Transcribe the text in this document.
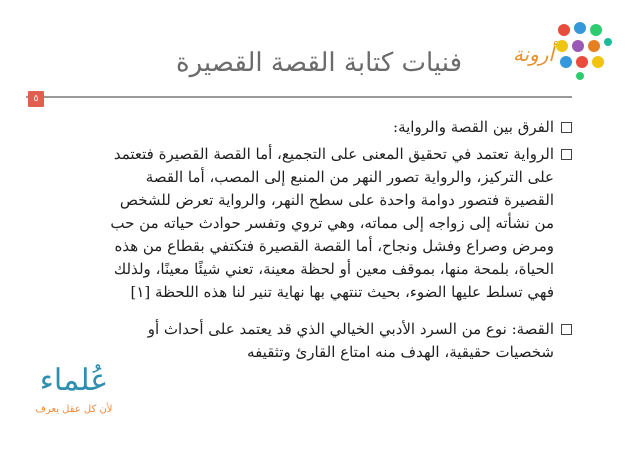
أرونة
فنيات كتابة القصة القصيرة
٥

الفرق بين القصة والرواية:

الرواية تعتمد في تحقيق المعنى على التجميع، أما القصة القصيرة فتعتمد على التركيز، والرواية تصور النهر من المنبع إلى المصب، أما القصة القصيرة فتصور دوامة واحدة على سطح النهر، والرواية تعرض للشخص من نشأته إلى زواجه إلى مماته، وهي تروي وتفسر حوادث حياته من حب ومرض وصراع وفشل ونجاح، أما القصة القصيرة فتكتفي بقطاع من هذه الحياة، بلمحة منها، بموقف معين أو لحظة معينة، تعني شيئًا معينًا، ولذلك فهي تسلط عليها الضوء، بحيث تنتهي بها نهاية تنير لنا هذه اللحظة [١]

القصة: نوع من السرد الأدبي الخيالي الذي قد يعتمد على أحداث أو شخصيات حقيقية، الهدف منه امتاع القارئ وتثقيفه

عُلماء
لأن كل عقل يعرف
